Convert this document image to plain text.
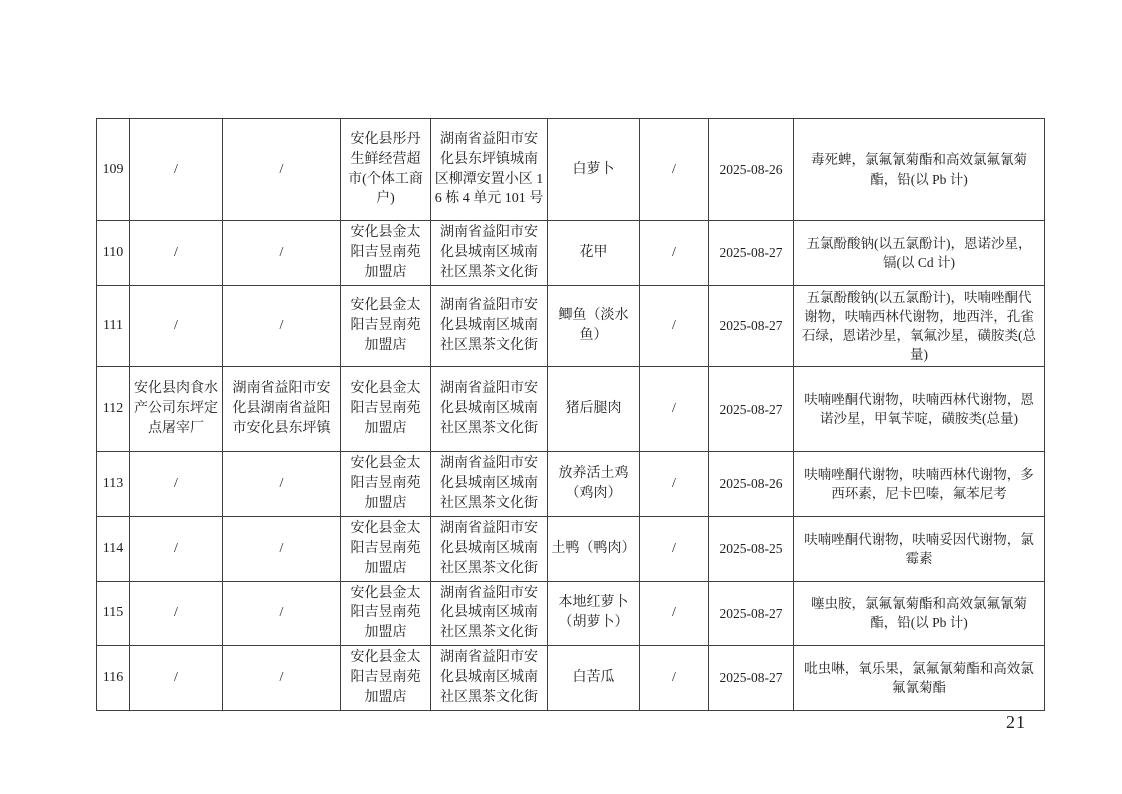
109	/	/	安化县彤丹生鲜经营超市(个体工商户)	湖南省益阳市安化县东坪镇城南区柳潭安置小区 16 栋 4 单元 101 号	白萝卜	/	2025-08-26	毒死蜱，氯氟氰菊酯和高效氯氟氰菊酯，铅(以 Pb 计)
110	/	/	安化县金太阳吉昱南苑加盟店	湖南省益阳市安化县城南区城南社区黑茶文化街	花甲	/	2025-08-27	五氯酚酸钠(以五氯酚计)，恩诺沙星，镉(以 Cd 计)
111	/	/	安化县金太阳吉昱南苑加盟店	湖南省益阳市安化县城南区城南社区黑茶文化街	鲫鱼（淡水鱼）	/	2025-08-27	五氯酚酸钠(以五氯酚计)，呋喃唑酮代谢物，呋喃西林代谢物，地西泮，孔雀石绿，恩诺沙星，氧氟沙星，磺胺类(总量)
112	安化县肉食水产公司东坪定点屠宰厂	湖南省益阳市安化县湖南省益阳市安化县东坪镇	安化县金太阳吉昱南苑加盟店	湖南省益阳市安化县城南区城南社区黑茶文化街	猪后腿肉	/	2025-08-27	呋喃唑酮代谢物，呋喃西林代谢物，恩诺沙星，甲氧苄啶，磺胺类(总量)
113	/	/	安化县金太阳吉昱南苑加盟店	湖南省益阳市安化县城南区城南社区黑茶文化街	放养活土鸡（鸡肉）	/	2025-08-26	呋喃唑酮代谢物，呋喃西林代谢物，多西环素，尼卡巴嗪，氟苯尼考
114	/	/	安化县金太阳吉昱南苑加盟店	湖南省益阳市安化县城南区城南社区黑茶文化街	土鸭（鸭肉）	/	2025-08-25	呋喃唑酮代谢物，呋喃妥因代谢物，氯霉素
115	/	/	安化县金太阳吉昱南苑加盟店	湖南省益阳市安化县城南区城南社区黑茶文化街	本地红萝卜（胡萝卜）	/	2025-08-27	噻虫胺，氯氟氰菊酯和高效氯氟氰菊酯，铅(以 Pb 计)
116	/	/	安化县金太阳吉昱南苑加盟店	湖南省益阳市安化县城南区城南社区黑茶文化街	白苦瓜	/	2025-08-27	吡虫啉，氧乐果，氯氟氰菊酯和高效氯氟氰菊酯
21
